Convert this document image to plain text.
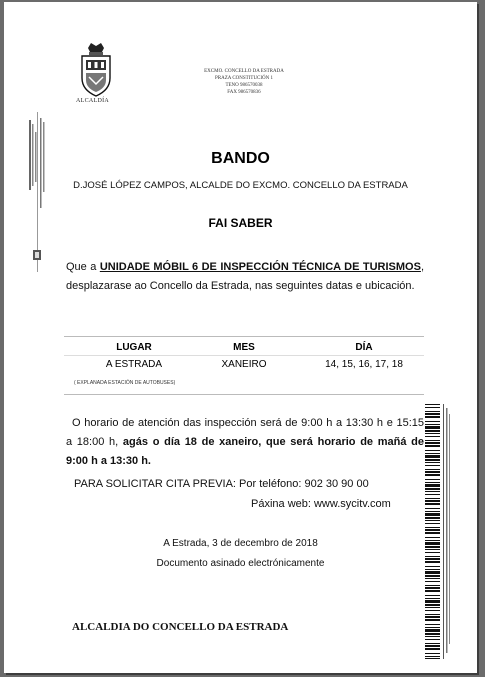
ALCALDÍA
EXCMO. CONCELLO DA ESTRADA
PRAZA CONSTITUCIÓN 1
TENO 986570038
FAX 986570836
BANDO
D.JOSÉ LÓPEZ CAMPOS, ALCALDE DO EXCMO. CONCELLO DA ESTRADA
FAI SABER
Que a UNIDADE MÓBIL 6 DE INSPECCIÓN TÉCNICA DE TURISMOS, desplazarase ao Concello da Estrada, nas seguintes datas e ubicación.
LUGAR	MES	DÍA
A ESTRADA	XANEIRO	14, 15, 16, 17, 18
( EXPLANADA ESTACIÓN DE AUTOBUSES)
O horario de atención das inspección será de 9:00 h a 13:30 h e 15:15 a 18:00 h, agás o día 18 de xaneiro, que será horario de mañá de 9:00 h a 13:30 h.
PARA SOLICITAR CITA PREVIA: Por teléfono: 902 30 90 00
Páxina web: www.sycitv.com
A Estrada, 3 de decembro de 2018
Documento asinado electrónicamente
ALCALDIA DO CONCELLO DA ESTRADA
